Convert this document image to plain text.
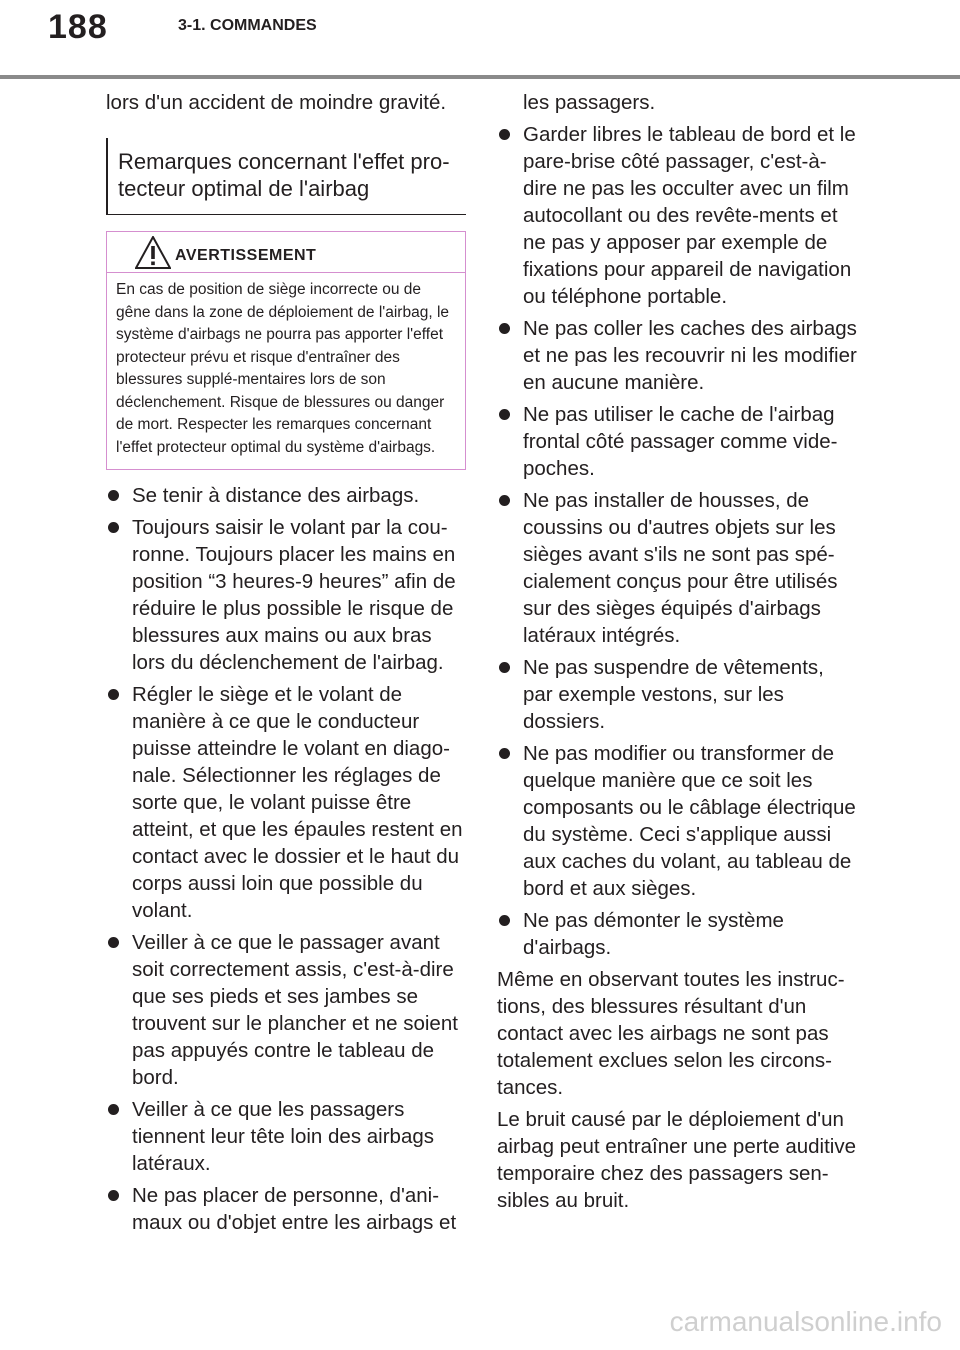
188	3-1. COMMANDES

lors d'un accident de moindre gravité.

Remarques concernant l'effet pro-tecteur optimal de l'airbag
AVERTISSEMENT
En cas de position de siège incorrecte ou de gêne dans la zone de déploiement de l'airbag, le système d'airbags ne pourra pas apporter l'effet protecteur prévu et risque d'entraîner des blessures supplé-mentaires lors de son déclenchement. Risque de blessures ou danger de mort. Respecter les remarques concernant l'effet protecteur optimal du système d'airbags.
Se tenir à distance des airbags.
Toujours saisir le volant par la cou-ronne. Toujours placer les mains en position “3 heures-9 heures” afin de réduire le plus possible le risque de blessures aux mains ou aux bras lors du déclenchement de l'airbag.
Régler le siège et le volant de manière à ce que le conducteur puisse atteindre le volant en diago-nale. Sélectionner les réglages de sorte que, le volant puisse être atteint, et que les épaules restent en contact avec le dossier et le haut du corps aussi loin que possible du volant.
Veiller à ce que le passager avant soit correctement assis, c'est-à-dire que ses pieds et ses jambes se trouvent sur le plancher et ne soient pas appuyés contre le tableau de bord.
Veiller à ce que les passagers tiennent leur tête loin des airbags latéraux.
Ne pas placer de personne, d'ani-maux ou d'objet entre les airbags et
les passagers.
Garder libres le tableau de bord et le pare-brise côté passager, c'est-à-dire ne pas les occulter avec un film autocollant ou des revête-ments et ne pas y apposer par exemple de fixations pour appareil de navigation ou téléphone portable.
Ne pas coller les caches des airbags et ne pas les recouvrir ni les modifier en aucune manière.
Ne pas utiliser le cache de l'airbag frontal côté passager comme vide-poches.
Ne pas installer de housses, de coussins ou d'autres objets sur les sièges avant s'ils ne sont pas spé-cialement conçus pour être utilisés sur des sièges équipés d'airbags latéraux intégrés.
Ne pas suspendre de vêtements, par exemple vestons, sur les dossiers.
Ne pas modifier ou transformer de quelque manière que ce soit les composants ou le câblage électrique du système. Ceci s'applique aussi aux caches du volant, au tableau de bord et aux sièges.
Ne pas démonter le système d'airbags.

Même en observant toutes les instruc-tions, des blessures résultant d'un contact avec les airbags ne sont pas totalement exclues selon les circons-tances.

Le bruit causé par le déploiement d'un airbag peut entraîner une perte auditive temporaire chez des passagers sen-sibles au bruit.

carmanualsonline.info
